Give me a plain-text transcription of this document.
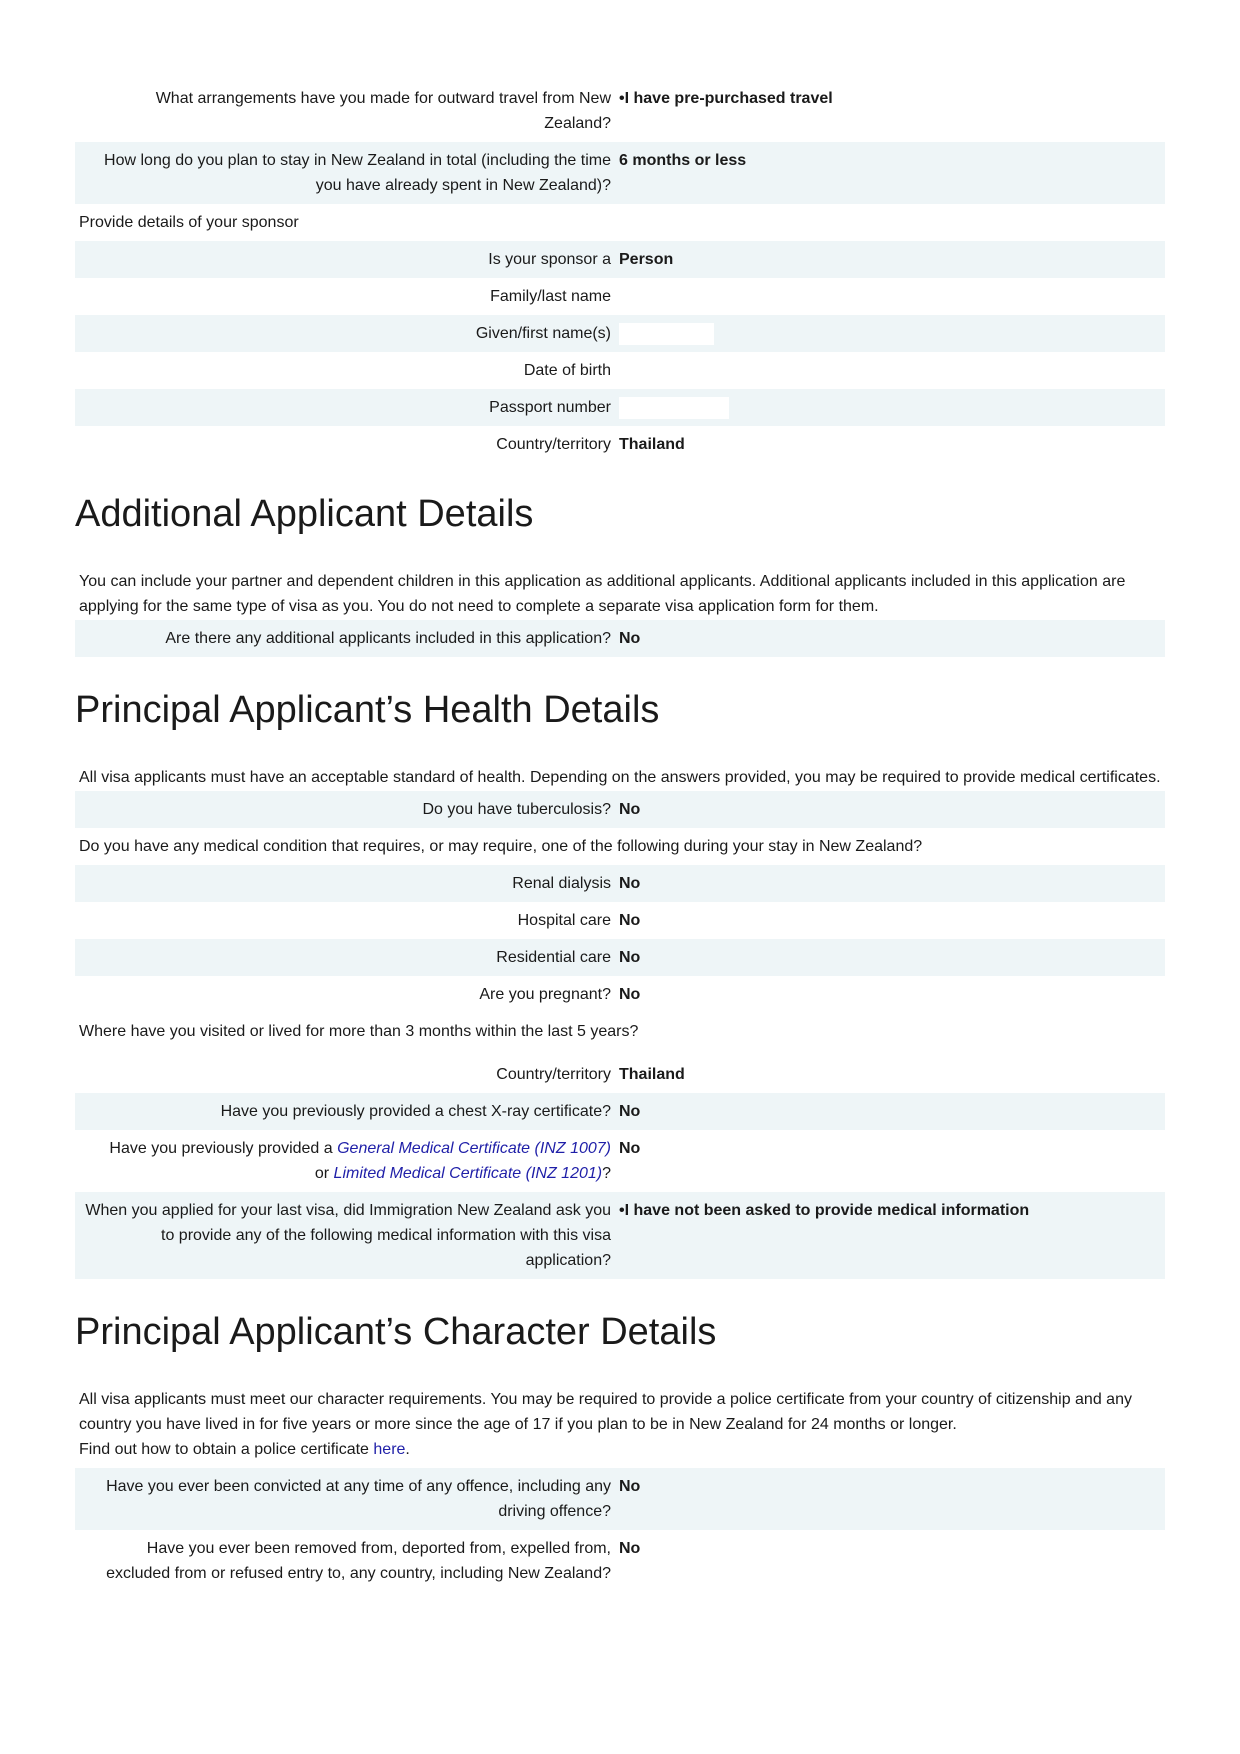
What arrangements have you made for outward travel from New Zealand?
• I have pre-purchased travel
How long do you plan to stay in New Zealand in total (including the time you have already spent in New Zealand)?
6 months or less
Provide details of your sponsor
Is your sponsor a Person
Family/last name
Given/first name(s)
Date of birth
Passport number
Country/territory Thailand
Additional Applicant Details
You can include your partner and dependent children in this application as additional applicants. Additional applicants included in this application are applying for the same type of visa as you. You do not need to complete a separate visa application form for them.
Are there any additional applicants included in this application? No
Principal Applicant’s Health Details
All visa applicants must have an acceptable standard of health. Depending on the answers provided, you may be required to provide medical certificates.
Do you have tuberculosis? No
Do you have any medical condition that requires, or may require, one of the following during your stay in New Zealand?
Renal dialysis No
Hospital care No
Residential care No
Are you pregnant? No
Where have you visited or lived for more than 3 months within the last 5 years?
Country/territory Thailand
Have you previously provided a chest X-ray certificate? No
Have you previously provided a General Medical Certificate (INZ 1007)
or Limited Medical Certificate (INZ 1201)?
No
When you applied for your last visa, did Immigration New Zealand ask you to provide any of the following medical information with this visa application?
• I have not been asked to provide medical information
Principal Applicant’s Character Details
All visa applicants must meet our character requirements. You may be required to provide a police certificate from your country of citizenship and any country you have lived in for five years or more since the age of 17 if you plan to be in New Zealand for 24 months or longer.
Find out how to obtain a police certificate here.
Have you ever been convicted at any time of any offence, including any driving offence?
No
Have you ever been removed from, deported from, expelled from, excluded from or refused entry to, any country, including New Zealand?
No
